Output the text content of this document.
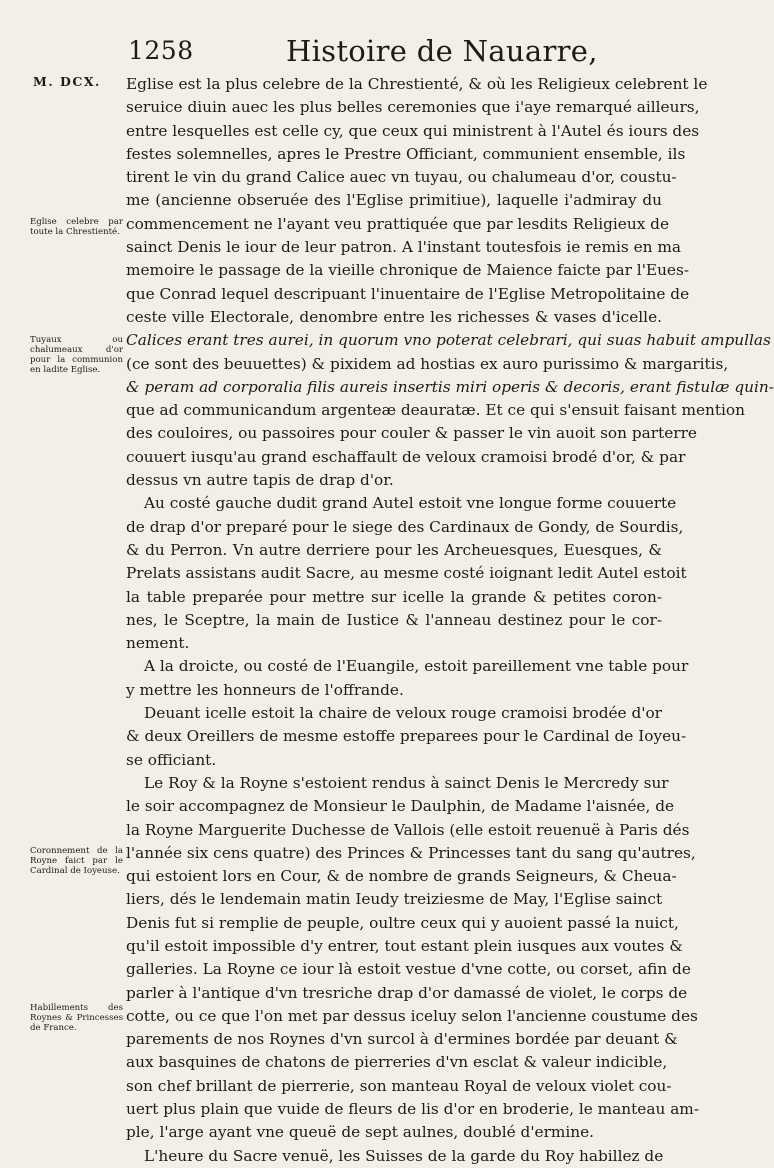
1258	Histoire de Nauarre,
M. DCX.
Eglise celebre par toute la Chrestienté.
Tuyaux ou chalumeaux d'or pour la communion en ladite Eglise.
Coronnement de la Royne faict par le Cardinal de Ioyeuse.
Habillements des Roynes & Princesses de France.
Eglise est la plus celebre de la Chrestienté, & où les Religieux celebrent le
seruice diuin auec les plus belles ceremonies que i'aye remarqué ailleurs,
entre lesquelles est celle cy, que ceux qui ministrent à l'Autel és iours des
festes solemnelles, apres le Prestre Officiant, communient ensemble, ils
tirent le vin du grand Calice auec vn tuyau, ou chalumeau d'or, coustu-
me (ancienne obseruée des l'Eglise primitiue), laquelle i'admiray du
commencement ne l'ayant veu prattiquée que par lesdits Religieux de
sainct Denis le iour de leur patron. A l'instant toutesfois ie remis en ma
memoire le passage de la vieille chronique de Maience faicte par l'Eues-
que Conrad lequel descripuant l'inuentaire de l'Eglise Metropolitaine de
ceste ville Electorale, denombre entre les richesses & vases d'icelle.
Calices erant tres aurei, in quorum vno poterat celebrari, qui suas habuit ampullas
(ce sont des beuuettes) & pixidem ad hostias ex auro purissimo & margaritis,
& peram ad corporalia filis aureis insertis miri operis & decoris, erant fistulæ quin-
que ad communicandum argenteæ deauratæ. Et ce qui s'ensuit faisant mention
des couloires, ou passoires pour couler & passer le vin auoit son parterre
couuert iusqu'au grand eschaffault de veloux cramoisi brodé d'or, & par
dessus vn autre tapis de drap d'or.
Au costé gauche dudit grand Autel estoit vne longue forme couuerte
de drap d'or preparé pour le siege des Cardinaux de Gondy, de Sourdis,
& du Perron. Vn autre derriere pour les Archeuesques, Euesques, &
Prelats assistans audit Sacre, au mesme costé ioignant ledit Autel estoit
la table preparée pour mettre sur icelle la grande & petites coron-
nes, le Sceptre, la main de Iustice & l'anneau destinez pour le cor-
nement.
A la droicte, ou costé de l'Euangile, estoit pareillement vne table pour
y mettre les honneurs de l'offrande.
Deuant icelle estoit la chaire de veloux rouge cramoisi brodée d'or
& deux Oreillers de mesme estoffe preparees pour le Cardinal de Ioyeu-
se officiant.
Le Roy & la Royne s'estoient rendus à sainct Denis le Mercredy sur
le soir accompagnez de Monsieur le Daulphin, de Madame l'aisnée, de
la Royne Marguerite Duchesse de Vallois (elle estoit reuenuë à Paris dés
l'année six cens quatre) des Princes & Princesses tant du sang qu'autres,
qui estoient lors en Cour, & de nombre de grands Seigneurs, & Cheua-
liers, dés le lendemain matin Ieudy treiziesme de May, l'Eglise sainct
Denis fut si remplie de peuple, oultre ceux qui y auoient passé la nuict,
qu'il estoit impossible d'y entrer, tout estant plein iusques aux voutes &
galleries. La Royne ce iour là estoit vestue d'vne cotte, ou corset, afin de
parler à l'antique d'vn tresriche drap d'or damassé de violet, le corps de
cotte, ou ce que l'on met par dessus iceluy selon l'ancienne coustume des
parements de nos Roynes d'vn surcol à d'ermines bordée par deuant &
aux basquines de chatons de pierreries d'vn esclat & valeur indicible,
son chef brillant de pierrerie, son manteau Royal de veloux violet cou-
uert plus plain que vuide de fleurs de lis d'or en broderie, le manteau am-
ple, l'arge ayant vne queuë de sept aulnes, doublé d'ermine.
L'heure du Sacre venuë, les Suisses de la garde du Roy habillez de
